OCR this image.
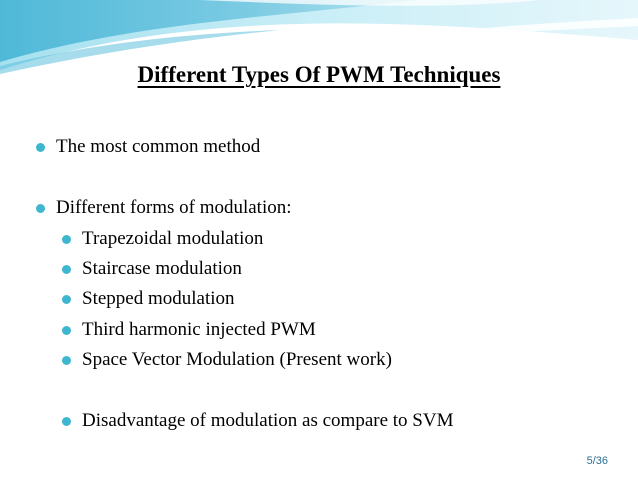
Different Types Of PWM Techniques
The most common method
Different forms of modulation:
Trapezoidal modulation
Staircase modulation
Stepped modulation
Third harmonic injected PWM
Space Vector Modulation (Present work)
Disadvantage of modulation as compare to SVM
5/36
